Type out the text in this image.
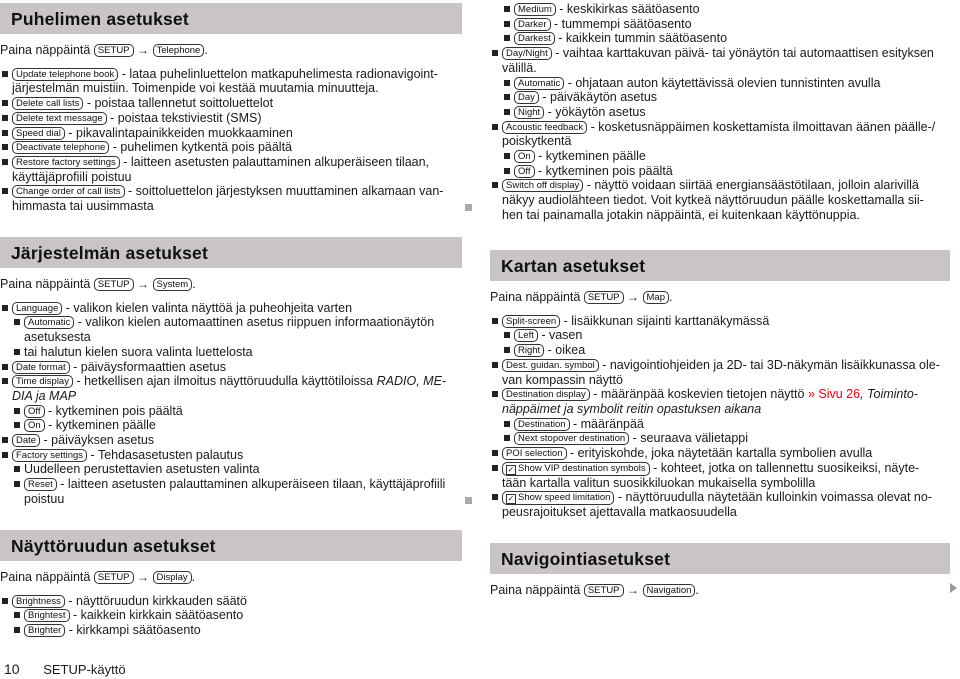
Puhelimen asetukset
Paina näppäintä SETUP → Telephone .
Update telephone book - lataa puhelinluettelon matkapuhelimesta radionavigoint-
järjestelmän muistiin. Toimenpide voi kestää muutamia minuutteja.
Delete call lists - poistaa tallennetut soittoluettelot
Delete text message - poistaa tekstiviestit (SMS)
Speed dial - pikavalintapainikkeiden muokkaaminen
Deactivate telephone - puhelimen kytkentä pois päältä
Restore factory settings - laitteen asetusten palauttaminen alkuperäiseen tilaan,
käyttäjäprofiili poistuu
Change order of call lists - soittoluettelon järjestyksen muuttaminen alkamaan van-
himmasta tai uusimmasta
Järjestelmän asetukset
Paina näppäintä SETUP → System .
Language - valikon kielen valinta näyttöä ja puheohjeita varten
Automatic - valikon kielen automaattinen asetus riippuen informaationäytön
asetuksesta
tai halutun kielen suora valinta luettelosta
Date format - päiväysformaattien asetus
Time display - hetkellisen ajan ilmoitus näyttöruudulla käyttötiloissa RADIO, ME-
DIA ja MAP
Off - kytkeminen pois päältä
On - kytkeminen päälle
Date - päiväyksen asetus
Factory settings - Tehdasasetusten palautus
Uudelleen perustettavien asetusten valinta
Reset - laitteen asetusten palauttaminen alkuperäiseen tilaan, käyttäjäprofiili
poistuu
Näyttöruudun asetukset
Paina näppäintä SETUP → Display .
Brightness - näyttöruudun kirkkauden säätö
Brightest - kaikkein kirkkain säätöasento
Brighter - kirkkampi säätöasento
Medium - keskikirkas säätöasento
Darker - tummempi säätöasento
Darkest - kaikkein tummin säätöasento
Day/Night - vaihtaa karttakuvan päivä- tai yönäytön tai automaattisen esityksen
välillä.
Automatic - ohjataan auton käytettävissä olevien tunnistinten avulla
Day - päiväkäytön asetus
Night - yökäytön asetus
Acoustic feedback - kosketusnäppäimen koskettamista ilmoittavan äänen päälle-/
poiskytkentä
On - kytkeminen päälle
Off - kytkeminen pois päältä
Switch off display - näyttö voidaan siirtää energiansäästötilaan, jolloin alarivillä
näkyy audiolähteen tiedot. Voit kytkeä näyttöruudun päälle koskettamalla sii-
hen tai painamalla jotakin näppäintä, ei kuitenkaan käyttönuppia.
Kartan asetukset
Paina näppäintä SETUP → Map .
Split-screen - lisäikkunan sijainti karttanäkymässä
Left - vasen
Right - oikea
Dest. guidan. symbol - navigointiohjeiden ja 2D- tai 3D-näkymän lisäikkunassa ole-
van kompassin näyttö
Destination display - määränpää koskevien tietojen näyttö » Sivu 26, Toiminto-
näppäimet ja symbolit reitin opastuksen aikana
Destination - määränpää
Next stopover destination - seuraava välietappi
POI selection - erityiskohde, joka näytetään kartalla symbolien avulla
✓ Show VIP destination symbols - kohteet, jotka on tallennettu suosikeiksi, näyte-
tään kartalla valitun suosikkiluokan mukaisella symbolilla
✓ Show speed limitation - näyttöruudulla näytetään kulloinkin voimassa olevat no-
peusrajoitukset ajettavalla matkaosuudella
Navigointiasetukset
Paina näppäintä SETUP → Navigation .
10 SETUP-käyttö
